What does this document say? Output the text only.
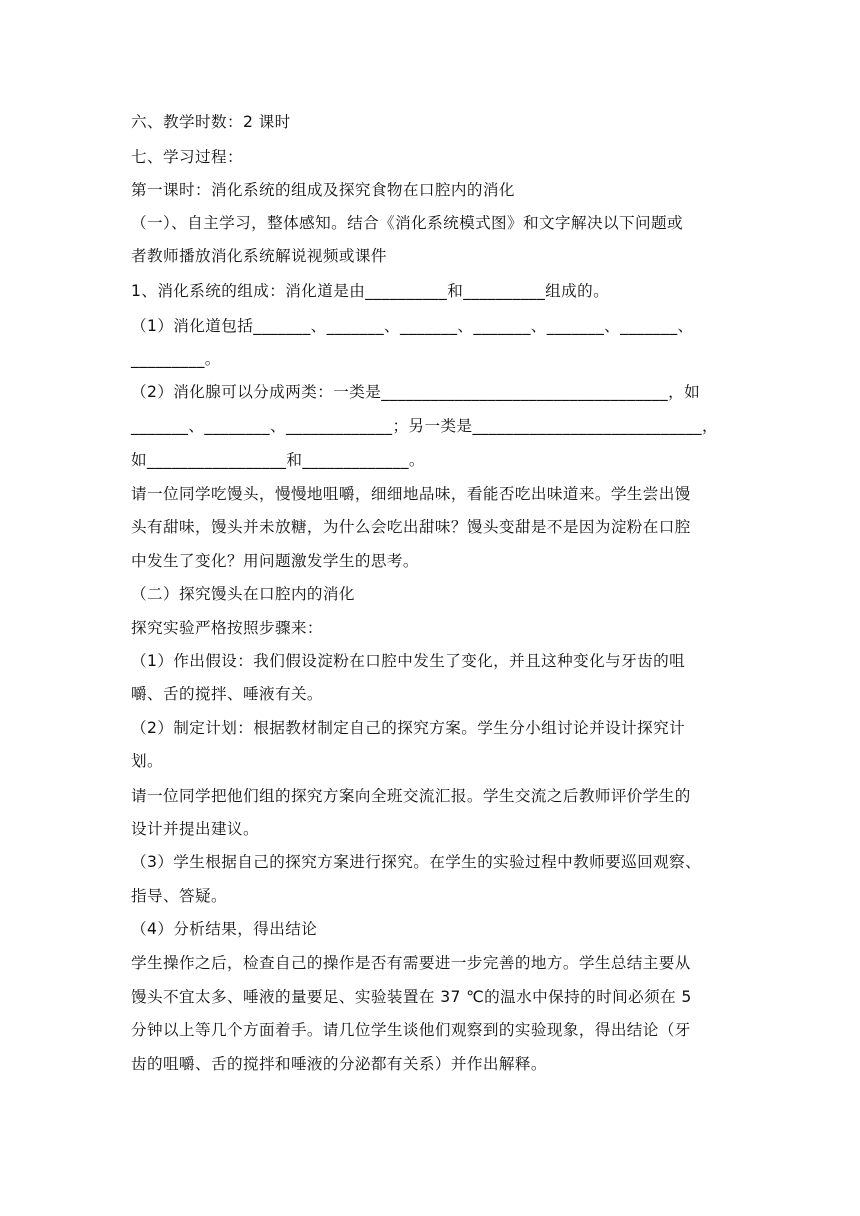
六、教学时数：2 课时

七、学习过程：

第一课时：消化系统的组成及探究食物在口腔内的消化

（一）、自主学习，整体感知。结合《消化系统模式图》和文字解决以下问题或

者教师播放消化系统解说视频或课件

1、消化系统的组成：消化道是由__________和__________组成的。

（1）消化道包括_______、_______、_______、_______、_______、_______、

_________。

（2）消化腺可以分成两类：一类是___________________________________，如

_______、________、_____________；另一类是____________________________，

如_________________和_____________。

请一位同学吃馒头，慢慢地咀嚼，细细地品味，看能否吃出味道来。学生尝出馒

头有甜味，馒头并未放糖，为什么会吃出甜味？馒头变甜是不是因为淀粉在口腔

中发生了变化？用问题激发学生的思考。

（二）探究馒头在口腔内的消化

探究实验严格按照步骤来：

（1）作出假设：我们假设淀粉在口腔中发生了变化，并且这种变化与牙齿的咀

嚼、舌的搅拌、唾液有关。

（2）制定计划：根据教材制定自己的探究方案。学生分小组讨论并设计探究计

划。

请一位同学把他们组的探究方案向全班交流汇报。学生交流之后教师评价学生的

设计并提出建议。

（3）学生根据自己的探究方案进行探究。在学生的实验过程中教师要巡回观察、

指导、答疑。

（4）分析结果，得出结论

学生操作之后，检查自己的操作是否有需要进一步完善的地方。学生总结主要从

馒头不宜太多、唾液的量要足、实验装置在 37 ℃的温水中保持的时间必须在 5

分钟以上等几个方面着手。请几位学生谈他们观察到的实验现象，得出结论（牙

齿的咀嚼、舌的搅拌和唾液的分泌都有关系）并作出解释。
